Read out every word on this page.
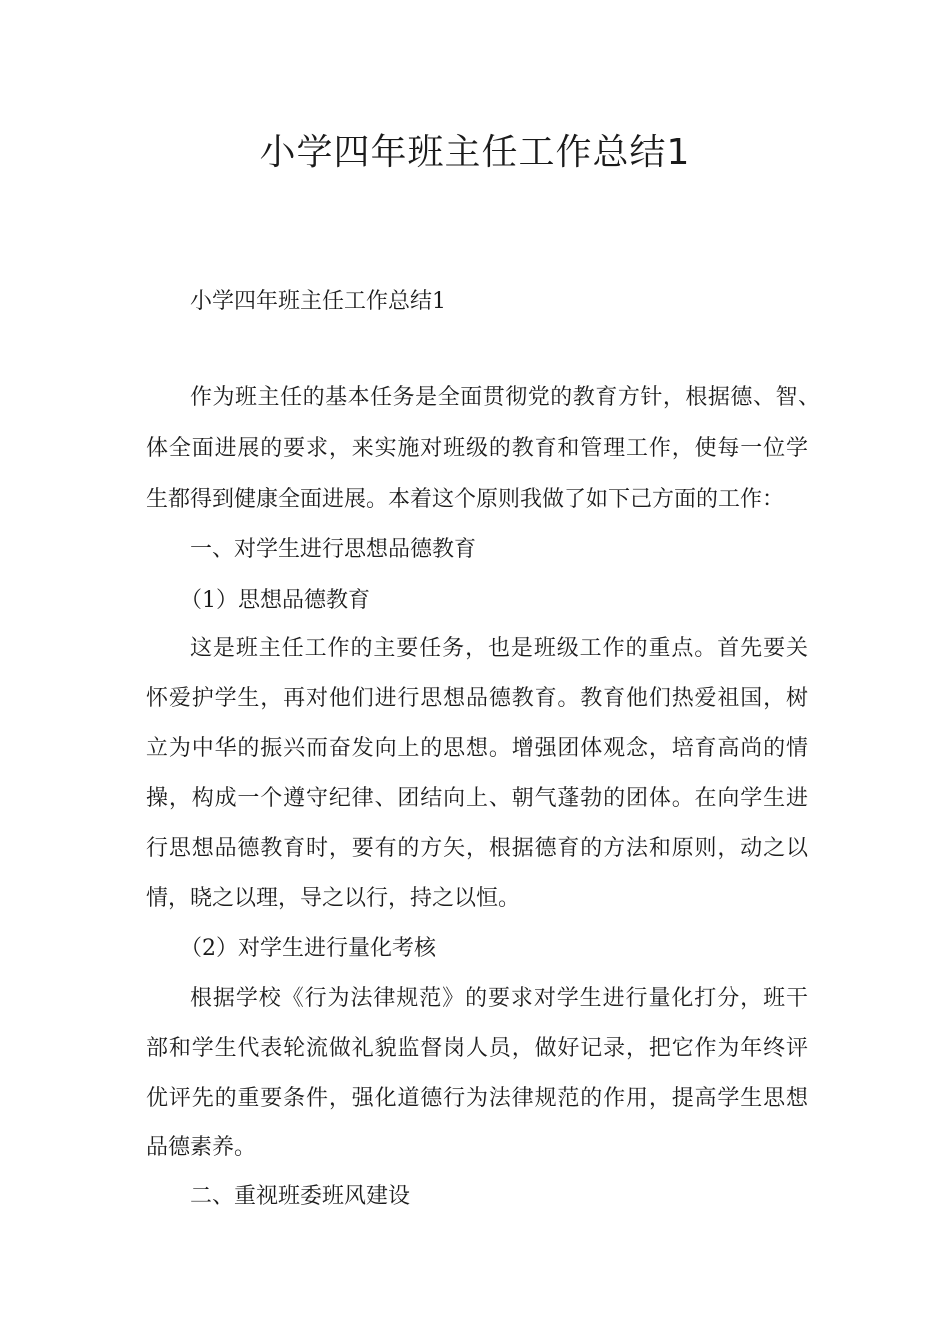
小学四年班主任工作总结1

小学四年班主任工作总结1

作为班主任的基本任务是全面贯彻党的教育方针，根据德、智、

体全面进展的要求，来实施对班级的教育和管理工作，使每一位学

生都得到健康全面进展。本着这个原则我做了如下己方面的工作：

一、对学生进行思想品德教育

（1）思想品德教育

这是班主任工作的主要任务，也是班级工作的重点。首先要关

怀爱护学生，再对他们进行思想品德教育。教育他们热爱祖国，树

立为中华的振兴而奋发向上的思想。增强团体观念，培育高尚的情

操，构成一个遵守纪律、团结向上、朝气蓬勃的团体。在向学生进

行思想品德教育时，要有的方矢，根据德育的方法和原则，动之以

情，晓之以理，导之以行，持之以恒。

（2）对学生进行量化考核

根据学校《行为法律规范》的要求对学生进行量化打分，班干

部和学生代表轮流做礼貌监督岗人员，做好记录，把它作为年终评

优评先的重要条件，强化道德行为法律规范的作用，提高学生思想

品德素养。

二、重视班委班风建设
